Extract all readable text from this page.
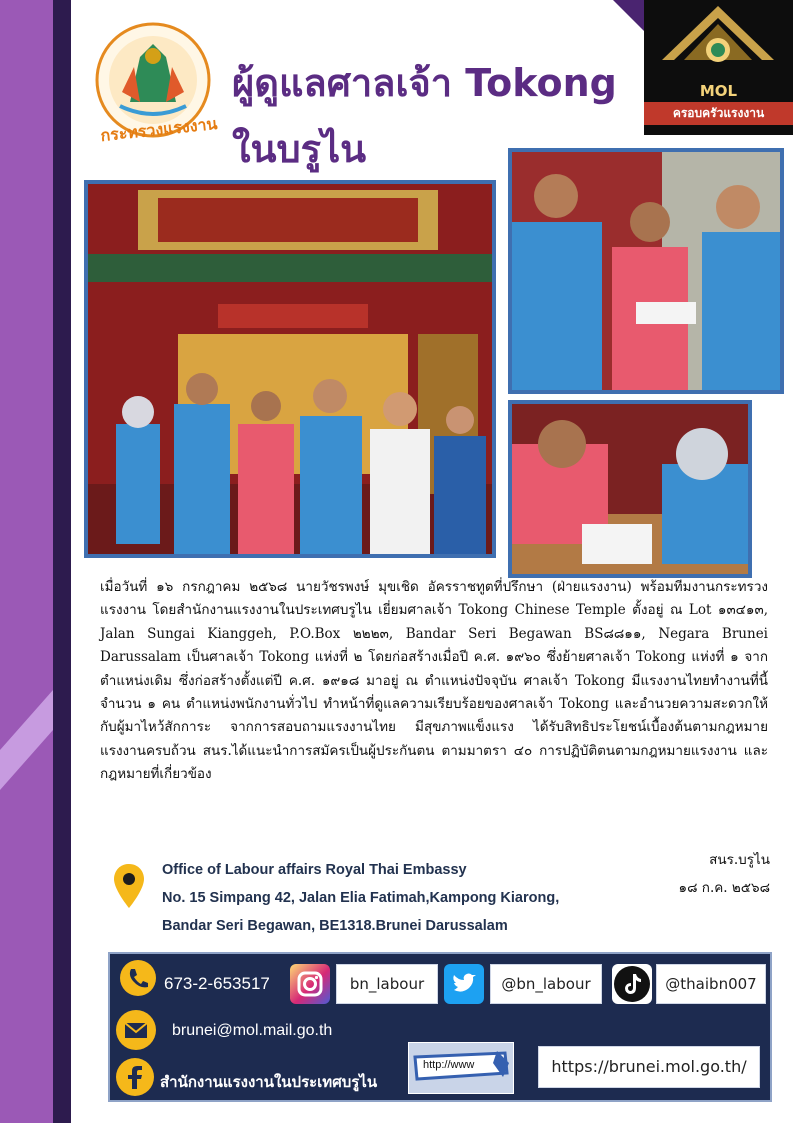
กระทรวงแรงงาน
ผู้ดูแลศาลเจ้า Tokong
ในบรูไน
MOL
ครอบครัวแรงงาน
เมื่อวันที่ ๑๖ กรกฎาคม ๒๕๖๘ นายวัชรพงษ์ มุขเชิด อัครราชทูตที่ปรึกษา (ฝ่ายแรงงาน) พร้อมทีมงานกระทรวงแรงงาน โดยสำนักงานแรงงานในประเทศบรูไน เยี่ยมศาลเจ้า Tokong Chinese Temple ตั้งอยู่ ณ Lot ๑๓๔๑๓, Jalan Sungai Kianggeh, P.O.Box ๒๒๒๓, Bandar Seri Begawan BS๘๘๑๑, Negara Brunei Darussalam เป็นศาลเจ้า Tokong แห่งที่ ๒ โดยก่อสร้างเมื่อปี ค.ศ. ๑๙๖๐ ซึ่งย้ายศาลเจ้า Tokong แห่งที่ ๑ จากตำแหน่งเดิม ซึ่งก่อสร้างตั้งแต่ปี ค.ศ. ๑๙๑๘ มาอยู่ ณ ตำแหน่งปัจจุบัน ศาลเจ้า Tokong มีแรงงานไทยทำงานที่นี้จำนวน ๑ คน ตำแหน่งพนักงานทั่วไป ทำหน้าที่ดูแลความเรียบร้อยของศาลเจ้า Tokong และอำนวยความสะดวกให้กับผู้มาไหว้สักการะ จากการสอบถามแรงงานไทย มีสุขภาพแข็งแรง ได้รับสิทธิประโยชน์เบื้องต้นตามกฎหมายแรงงานครบถ้วน สนร.ได้แนะนำการสมัครเป็นผู้ประกันตน ตามมาตรา ๔๐ การปฏิบัติตนตามกฎหมายแรงงาน และกฎหมายที่เกี่ยวข้อง
สนร.บรูไน
๑๘ ก.ค. ๒๕๖๘
Office of Labour affairs Royal Thai Embassy
No. 15 Simpang 42, Jalan Elia Fatimah,Kampong Kiarong,
Bandar Seri Begawan, BE1318.Brunei Darussalam
673-2-653517	bn_labour	@bn_labour	@thaibn007
brunei@mol.mail.go.th
สำนักงานแรงงานในประเทศบรูไน
http://www	https://brunei.mol.go.th/
